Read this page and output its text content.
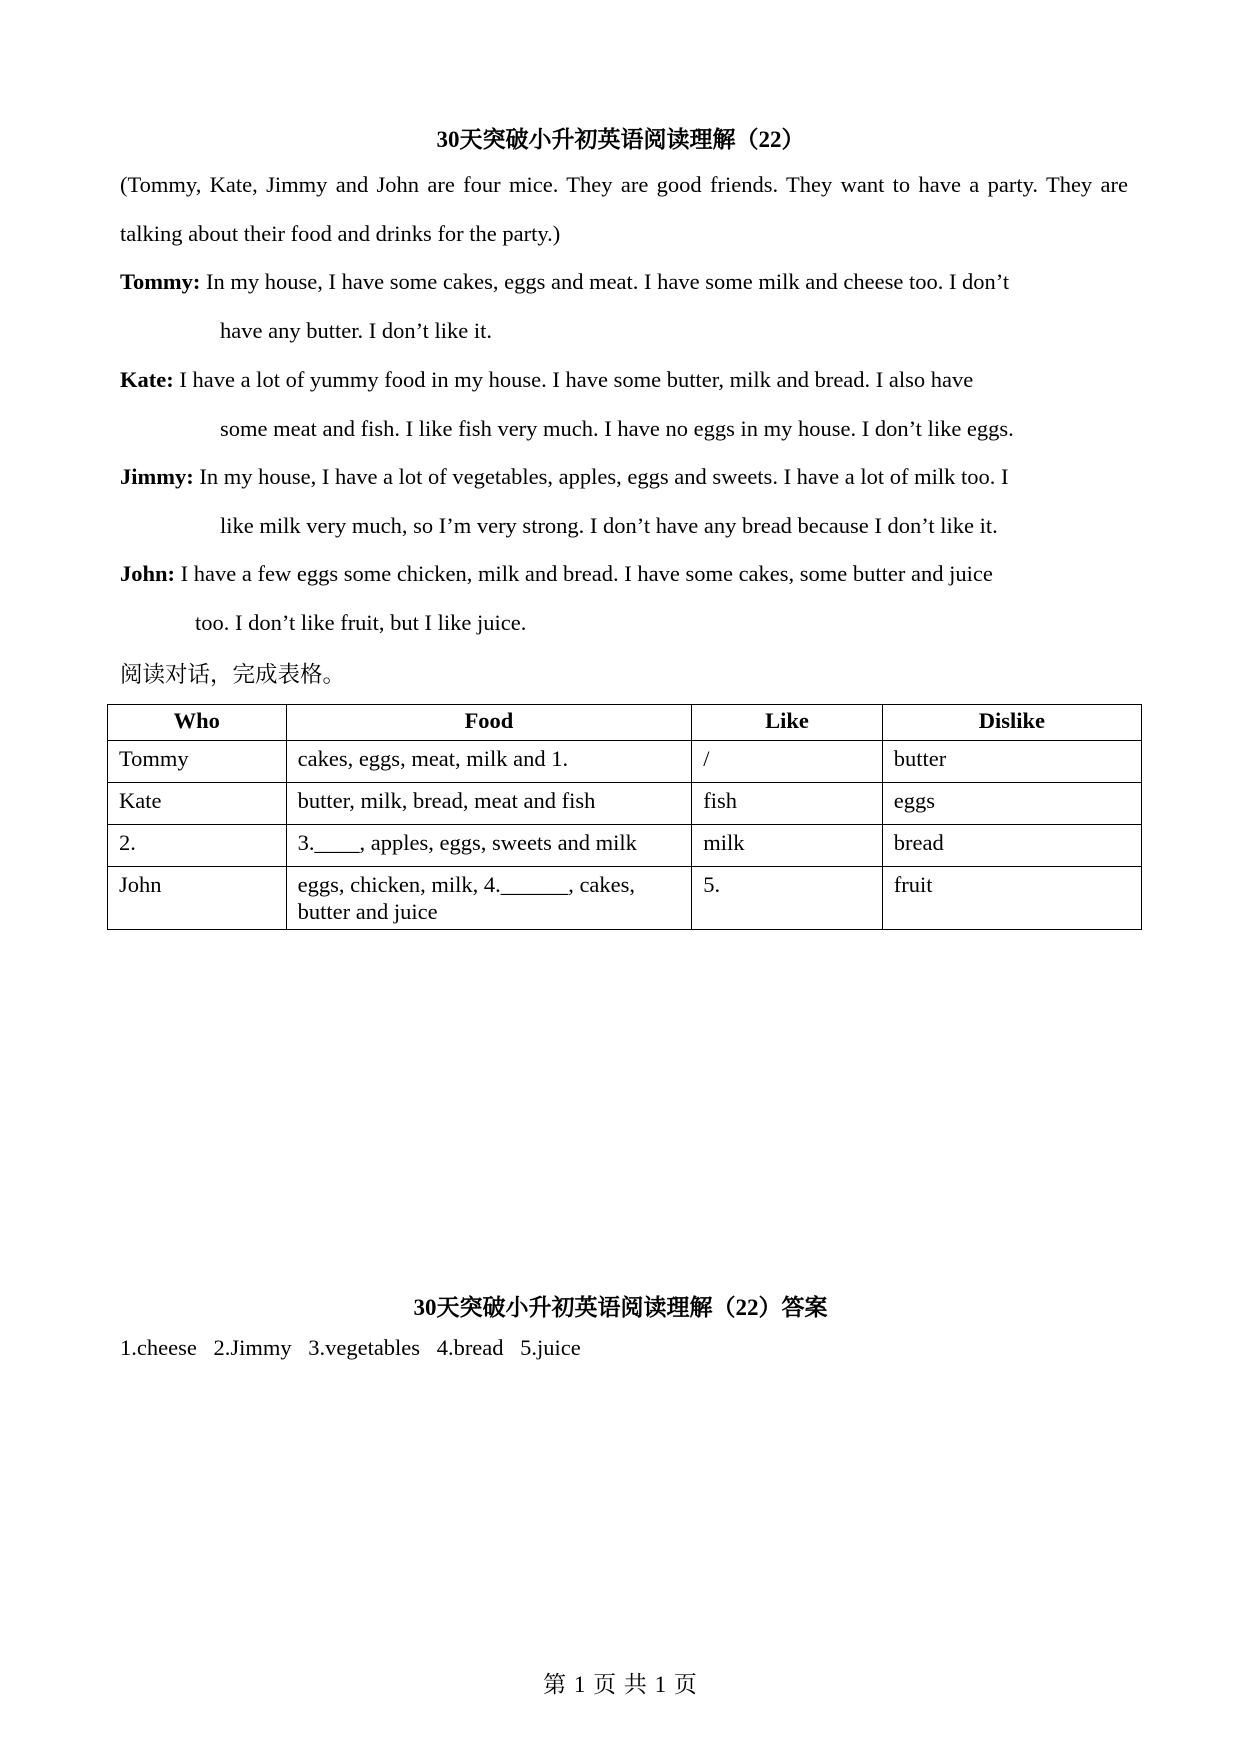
30天突破小升初英语阅读理解（22）
(Tommy, Kate, Jimmy and John are four mice. They are good friends. They want to have a party. They are talking about their food and drinks for the party.)
Tommy: In my house, I have some cakes, eggs and meat. I have some milk and cheese too. I don’t
have any butter. I don’t like it.
Kate: I have a lot of yummy food in my house. I have some butter, milk and bread. I also have
some meat and fish. I like fish very much. I have no eggs in my house. I don’t like eggs.
Jimmy: In my house, I have a lot of vegetables, apples, eggs and sweets. I have a lot of milk too. I
like milk very much, so I’m very strong. I don’t have any bread because I don’t like it.
John: I have a few eggs some chicken, milk and bread. I have some cakes, some butter and juice
too. I don’t like fruit, but I like juice.
阅读对话，完成表格。
Who	Food	Like	Dislike
Tommy	cakes, eggs, meat, milk and 1.	/	butter
Kate	butter, milk, bread, meat and fish	fish	eggs
2.	3.____, apples, eggs, sweets and milk	milk	bread
John	eggs, chicken, milk, 4.______, cakes, butter and juice	5.	fruit
30天突破小升初英语阅读理解（22）答案
1.cheese 2.Jimmy 3.vegetables 4.bread 5.juice
第 1 页 共 1 页
